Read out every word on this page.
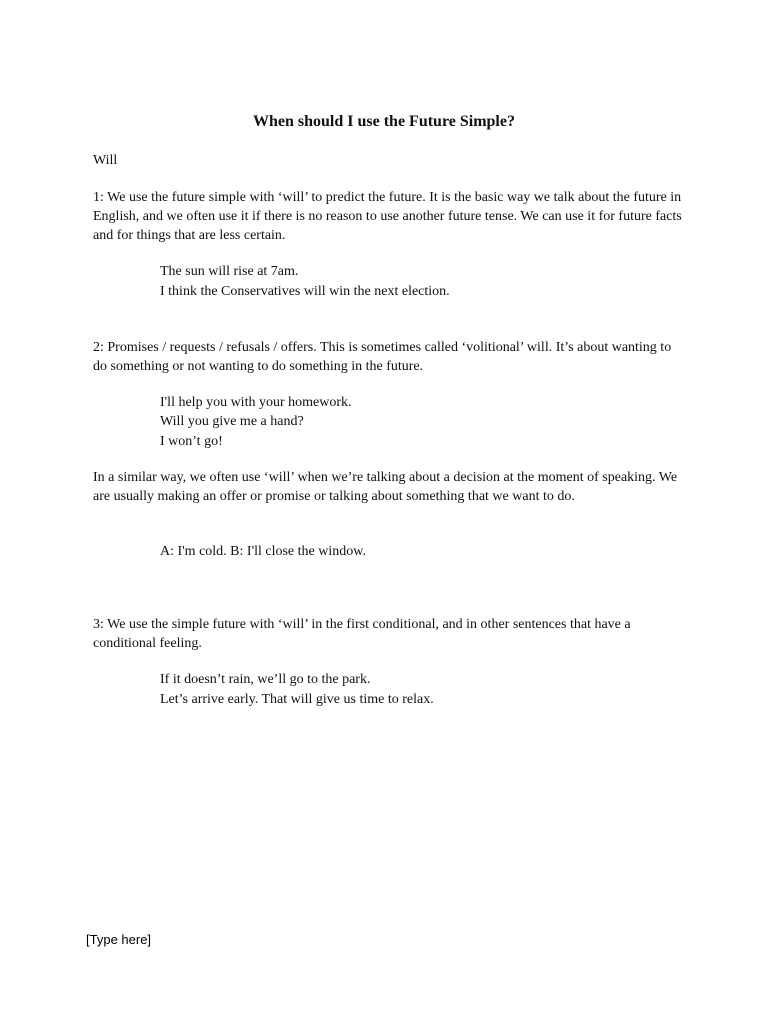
When should I use the Future Simple?
Will
1: We use the future simple with ‘will’ to predict the future. It is the basic way we talk about the future in English, and we often use it if there is no reason to use another future tense. We can use it for future facts and for things that are less certain.
The sun will rise at 7am.
I think the Conservatives will win the next election.
2: Promises / requests / refusals / offers. This is sometimes called ‘volitional’ will. It’s about wanting to do something or not wanting to do something in the future.
I'll help you with your homework.
Will you give me a hand?
I won’t go!
In a similar way, we often use ‘will’ when we’re talking about a decision at the moment of speaking. We are usually making an offer or promise or talking about something that we want to do.
A: I'm cold. B: I'll close the window.
3: We use the simple future with ‘will’ in the first conditional, and in other sentences that have a conditional feeling.
If it doesn’t rain, we’ll go to the park.
Let’s arrive early. That will give us time to relax.
[Type here]
